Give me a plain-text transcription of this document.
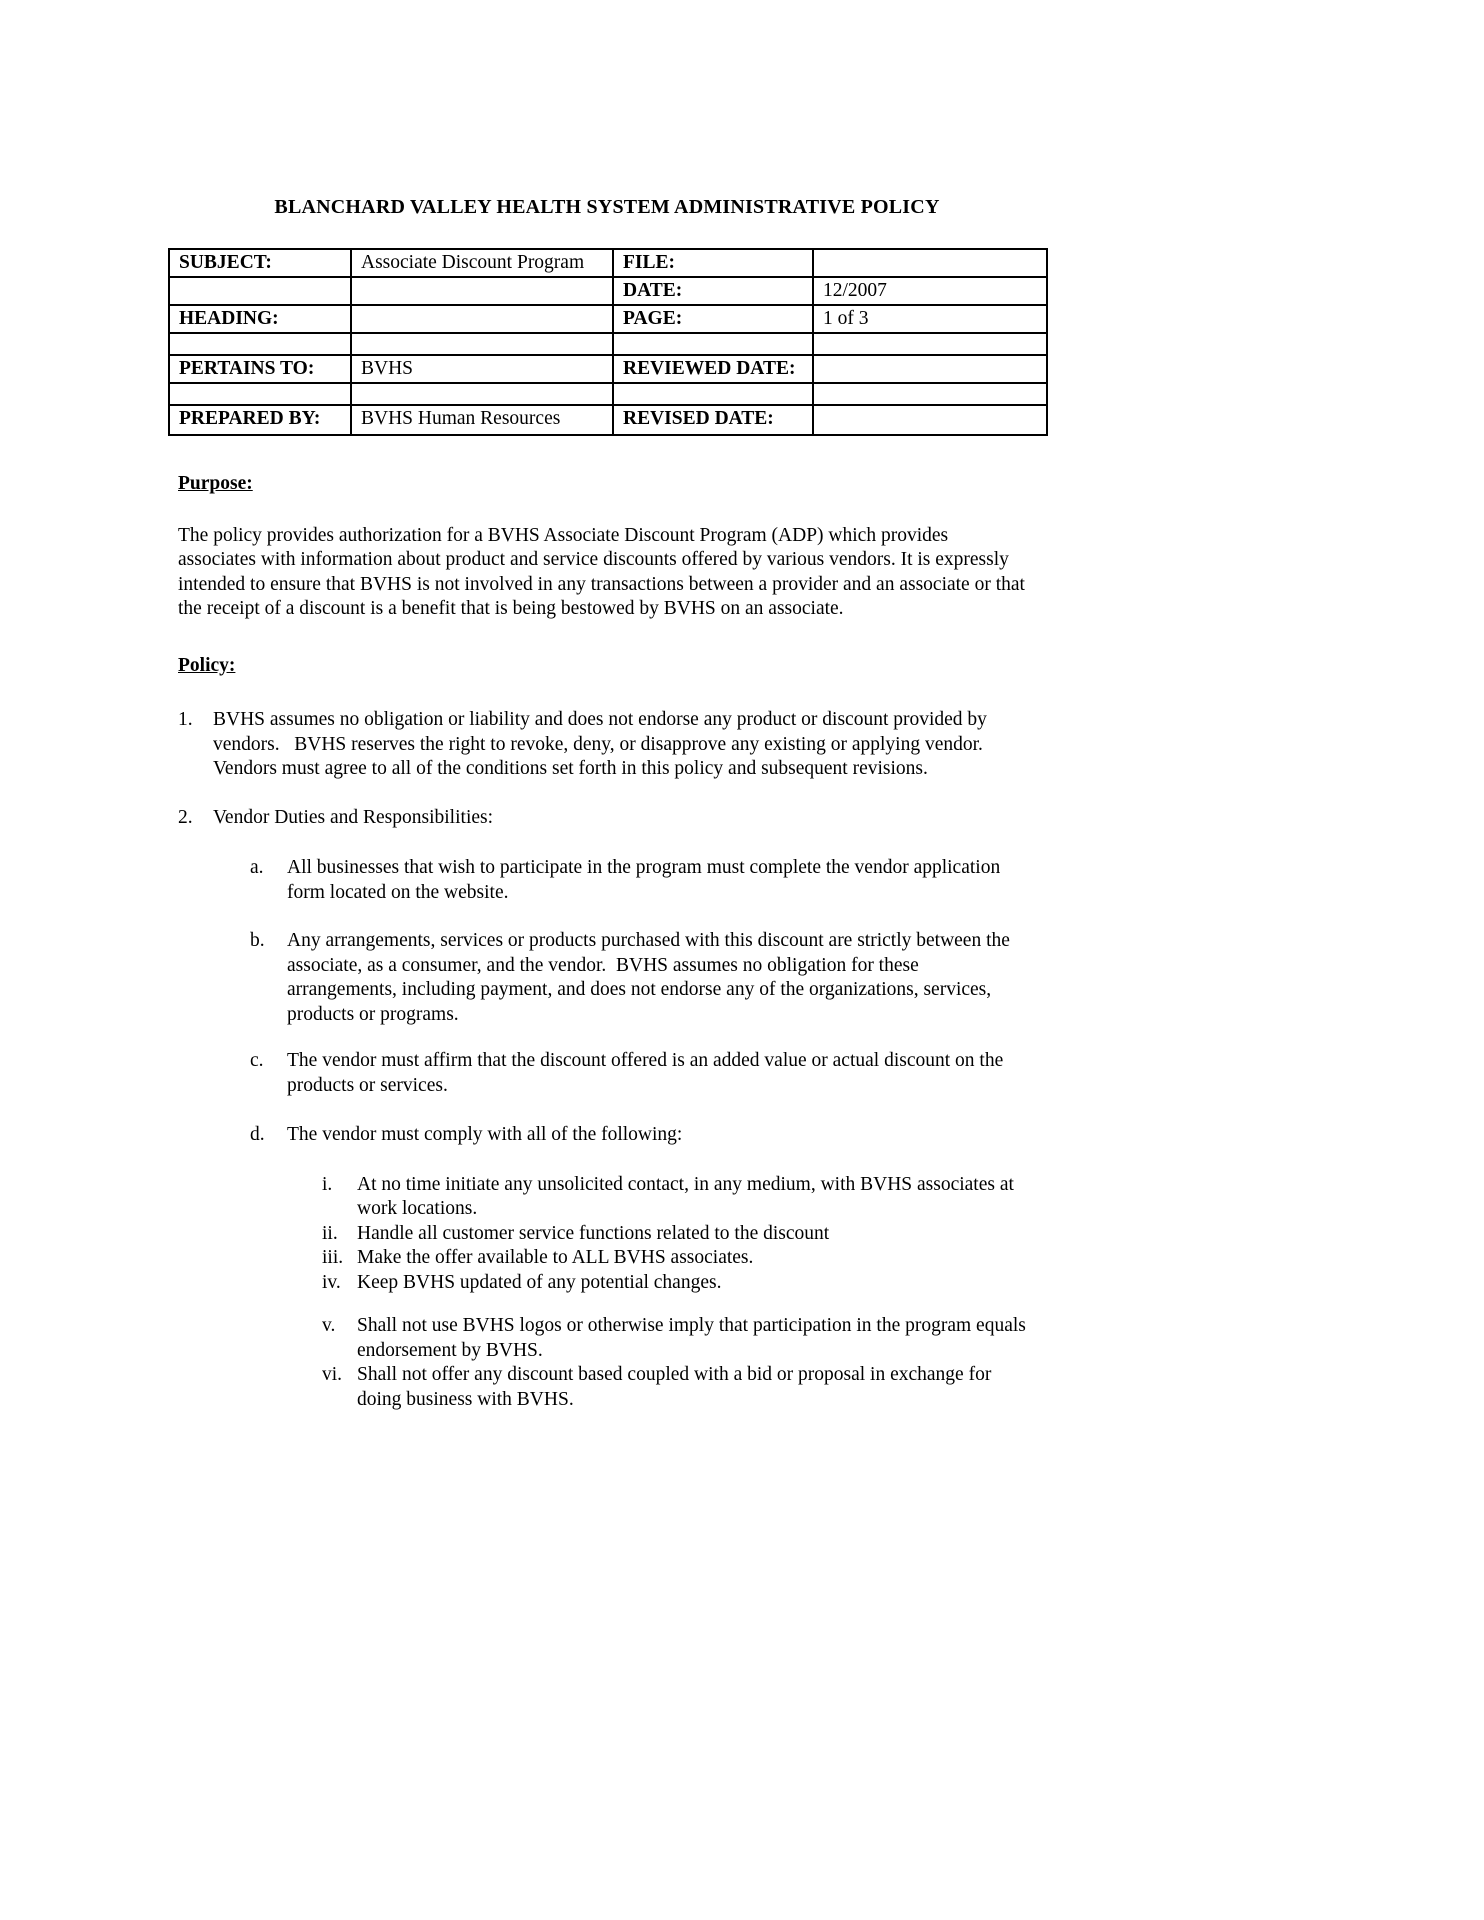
BLANCHARD VALLEY HEALTH SYSTEM ADMINISTRATIVE POLICY
SUBJECT:	Associate Discount Program	FILE:	
		DATE:	12/2007
HEADING:		PAGE:	1 of 3

PERTAINS TO:	BVHS	REVIEWED DATE:	

PREPARED BY:	BVHS Human Resources	REVISED DATE:	
Purpose:
The policy provides authorization for a BVHS Associate Discount Program (ADP) which provides associates with information about product and service discounts offered by various vendors. It is expressly intended to ensure that BVHS is not involved in any transactions between a provider and an associate or that the receipt of a discount is a benefit that is being bestowed by BVHS on an associate.
Policy:
1.	BVHS assumes no obligation or liability and does not endorse any product or discount provided by vendors.   BVHS reserves the right to revoke, deny, or disapprove any existing or applying vendor. Vendors must agree to all of the conditions set forth in this policy and subsequent revisions.
2.	Vendor Duties and Responsibilities:
a.	All businesses that wish to participate in the program must complete the vendor application form located on the website.
b.	Any arrangements, services or products purchased with this discount are strictly between the associate, as a consumer, and the vendor.  BVHS assumes no obligation for these arrangements, including payment, and does not endorse any of the organizations, services, products or programs.
c.	The vendor must affirm that the discount offered is an added value or actual discount on the products or services.
d.	The vendor must comply with all of the following:
i.	At no time initiate any unsolicited contact, in any medium, with BVHS associates at work locations.
ii. Handle all customer service functions related to the discount
iii. Make the offer available to ALL BVHS associates.
iv. Keep BVHS updated of any potential changes.
v.	Shall not use BVHS logos or otherwise imply that participation in the program equals endorsement by BVHS.
vi. Shall not offer any discount based coupled with a bid or proposal in exchange for doing business with BVHS.
